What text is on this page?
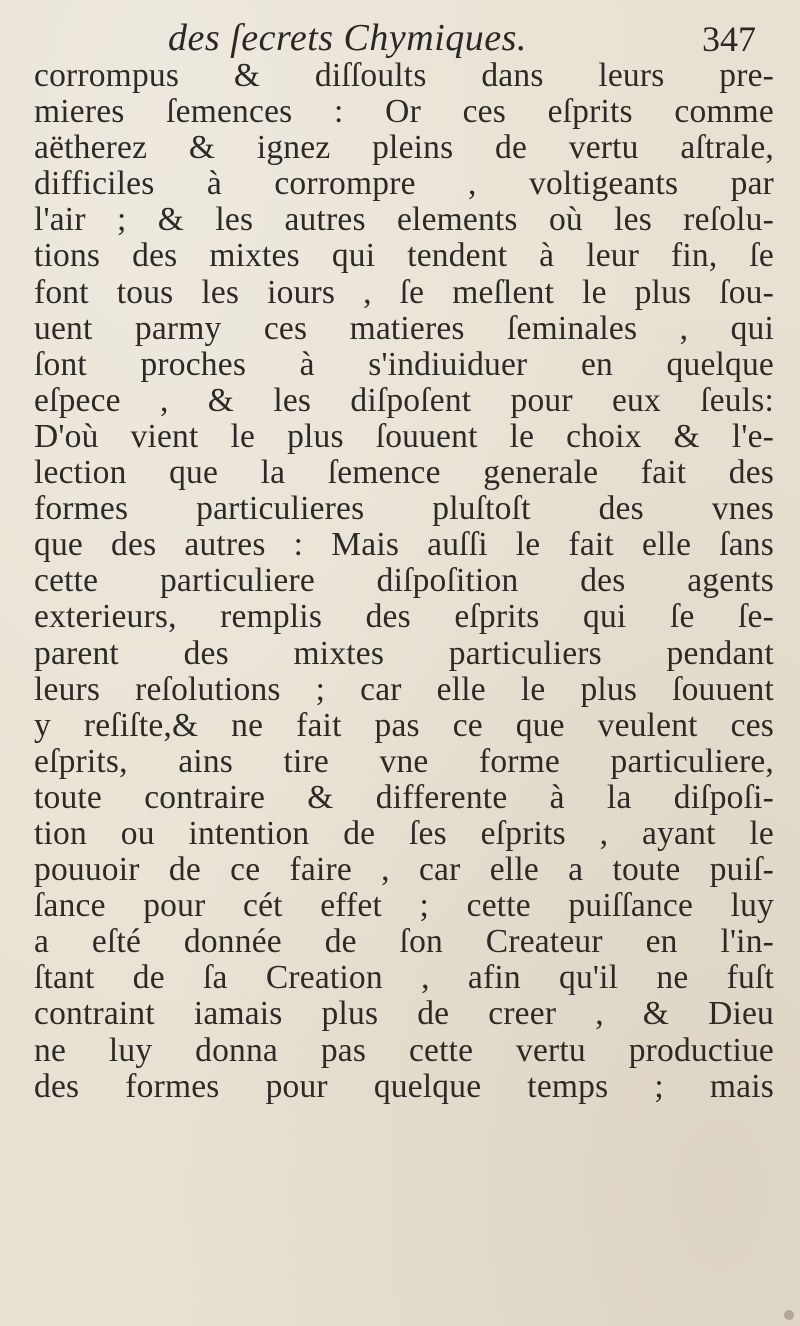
des ſecrets Chymiques.	347
corrompus & diſſoults dans leurs pre-
mieres ſemences : Or ces eſprits comme
aëtherez & ignez pleins de vertu aſtrale,
difficiles à corrompre , voltigeants par
l'air ; & les autres elements où les reſolu-
tions des mixtes qui tendent à leur fin, ſe
font tous les iours , ſe meſlent le plus ſou-
uent parmy ces matieres ſeminales , qui
ſont proches à s'indiuiduer en quelque
eſpece , & les diſpoſent pour eux ſeuls:
D'où vient le plus ſouuent le choix & l'e-
lection que la ſemence generale fait des
formes particulieres pluſtoſt des vnes
que des autres : Mais auſſi le fait elle ſans
cette particuliere diſpoſition des agents
exterieurs, remplis des eſprits qui ſe ſe-
parent des mixtes particuliers pendant
leurs reſolutions ; car elle le plus ſouuent
y reſiſte,& ne fait pas ce que veulent ces
eſprits, ains tire vne forme particuliere,
toute contraire & differente à la diſpoſi-
tion ou intention de ſes eſprits , ayant le
pouuoir de ce faire , car elle a toute puiſ-
ſance pour cét effet ; cette puiſſance luy
a eſté donnée de ſon Createur en l'in-
ſtant de ſa Creation , afin qu'il ne fuſt
contraint iamais plus de creer , & Dieu
ne luy donna pas cette vertu productiue
des formes pour quelque temps ; mais
